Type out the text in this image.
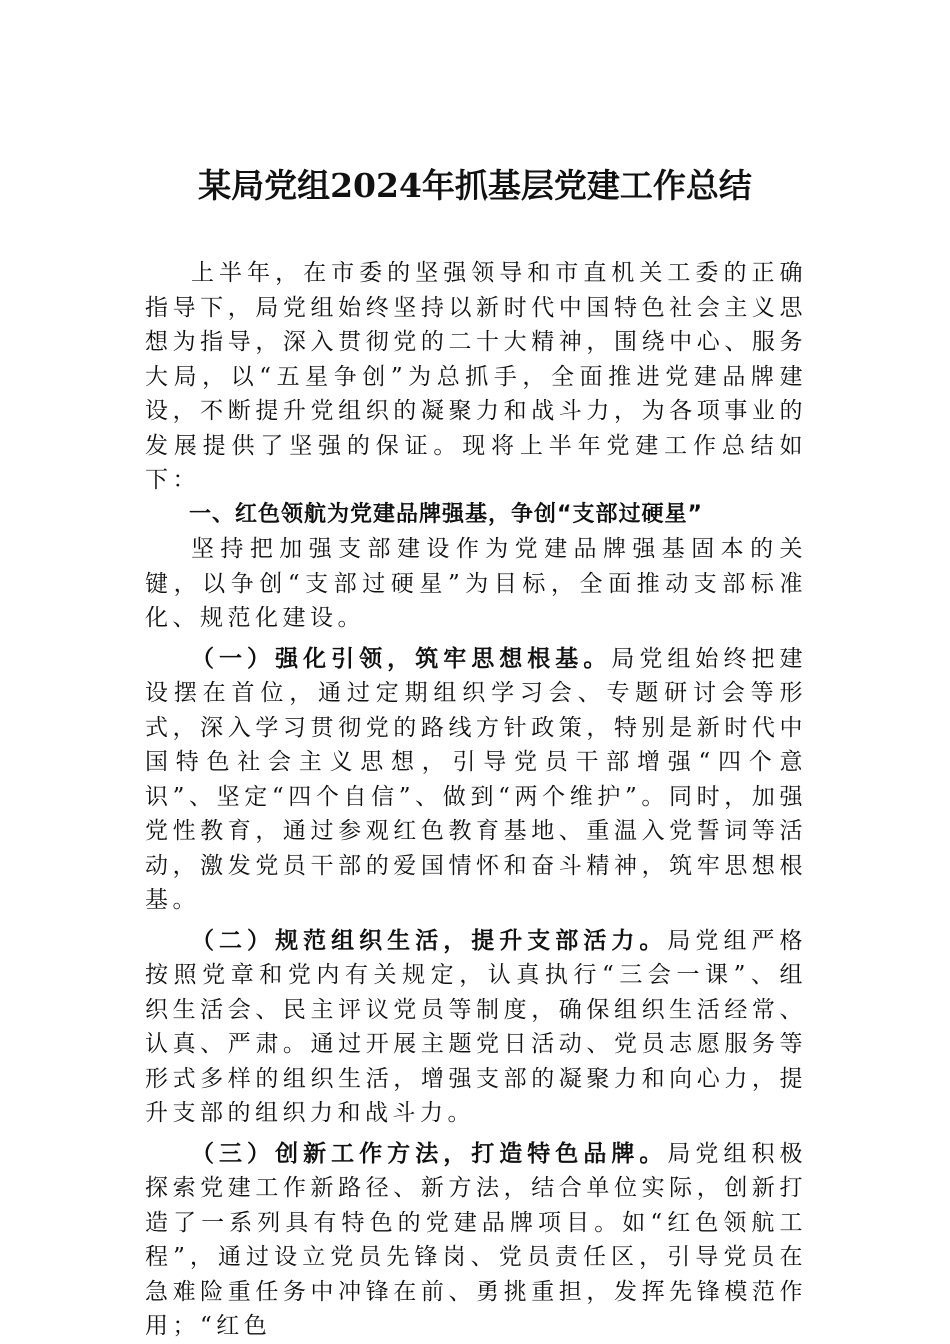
某局党组2024年抓基层党建工作总结

上半年，在市委的坚强领导和市直机关工委的正确指导下，局党组始终坚持以新时代中国特色社会主义思想为指导，深入贯彻党的二十大精神，围绕中心、服务大局，以“五星争创”为总抓手，全面推进党建品牌建设，不断提升党组织的凝聚力和战斗力，为各项事业的发展提供了坚强的保证。现将上半年党建工作总结如下：

一、红色领航为党建品牌强基，争创“支部过硬星”

坚持把加强支部建设作为党建品牌强基固本的关键，以争创“支部过硬星”为目标，全面推动支部标准化、规范化建设。

（一）强化引领，筑牢思想根基。局党组始终把建设摆在首位，通过定期组织学习会、专题研讨会等形式，深入学习贯彻党的路线方针政策，特别是新时代中国特色社会主义思想，引导党员干部增强“四个意识”、坚定“四个自信”、做到“两个维护”。同时，加强党性教育，通过参观红色教育基地、重温入党誓词等活动，激发党员干部的爱国情怀和奋斗精神，筑牢思想根基。

（二）规范组织生活，提升支部活力。局党组严格按照党章和党内有关规定，认真执行“三会一课”、组织生活会、民主评议党员等制度，确保组织生活经常、认真、严肃。通过开展主题党日活动、党员志愿服务等形式多样的组织生活，增强支部的凝聚力和向心力，提升支部的组织力和战斗力。

（三）创新工作方法，打造特色品牌。局党组积极探索党建工作新路径、新方法，结合单位实际，创新打造了一系列具有特色的党建品牌项目。如“红色领航工程”，通过设立党员先锋岗、党员责任区，引导党员在急难险重任务中冲锋在前、勇挑重担，发挥先锋模范作用；“红色
